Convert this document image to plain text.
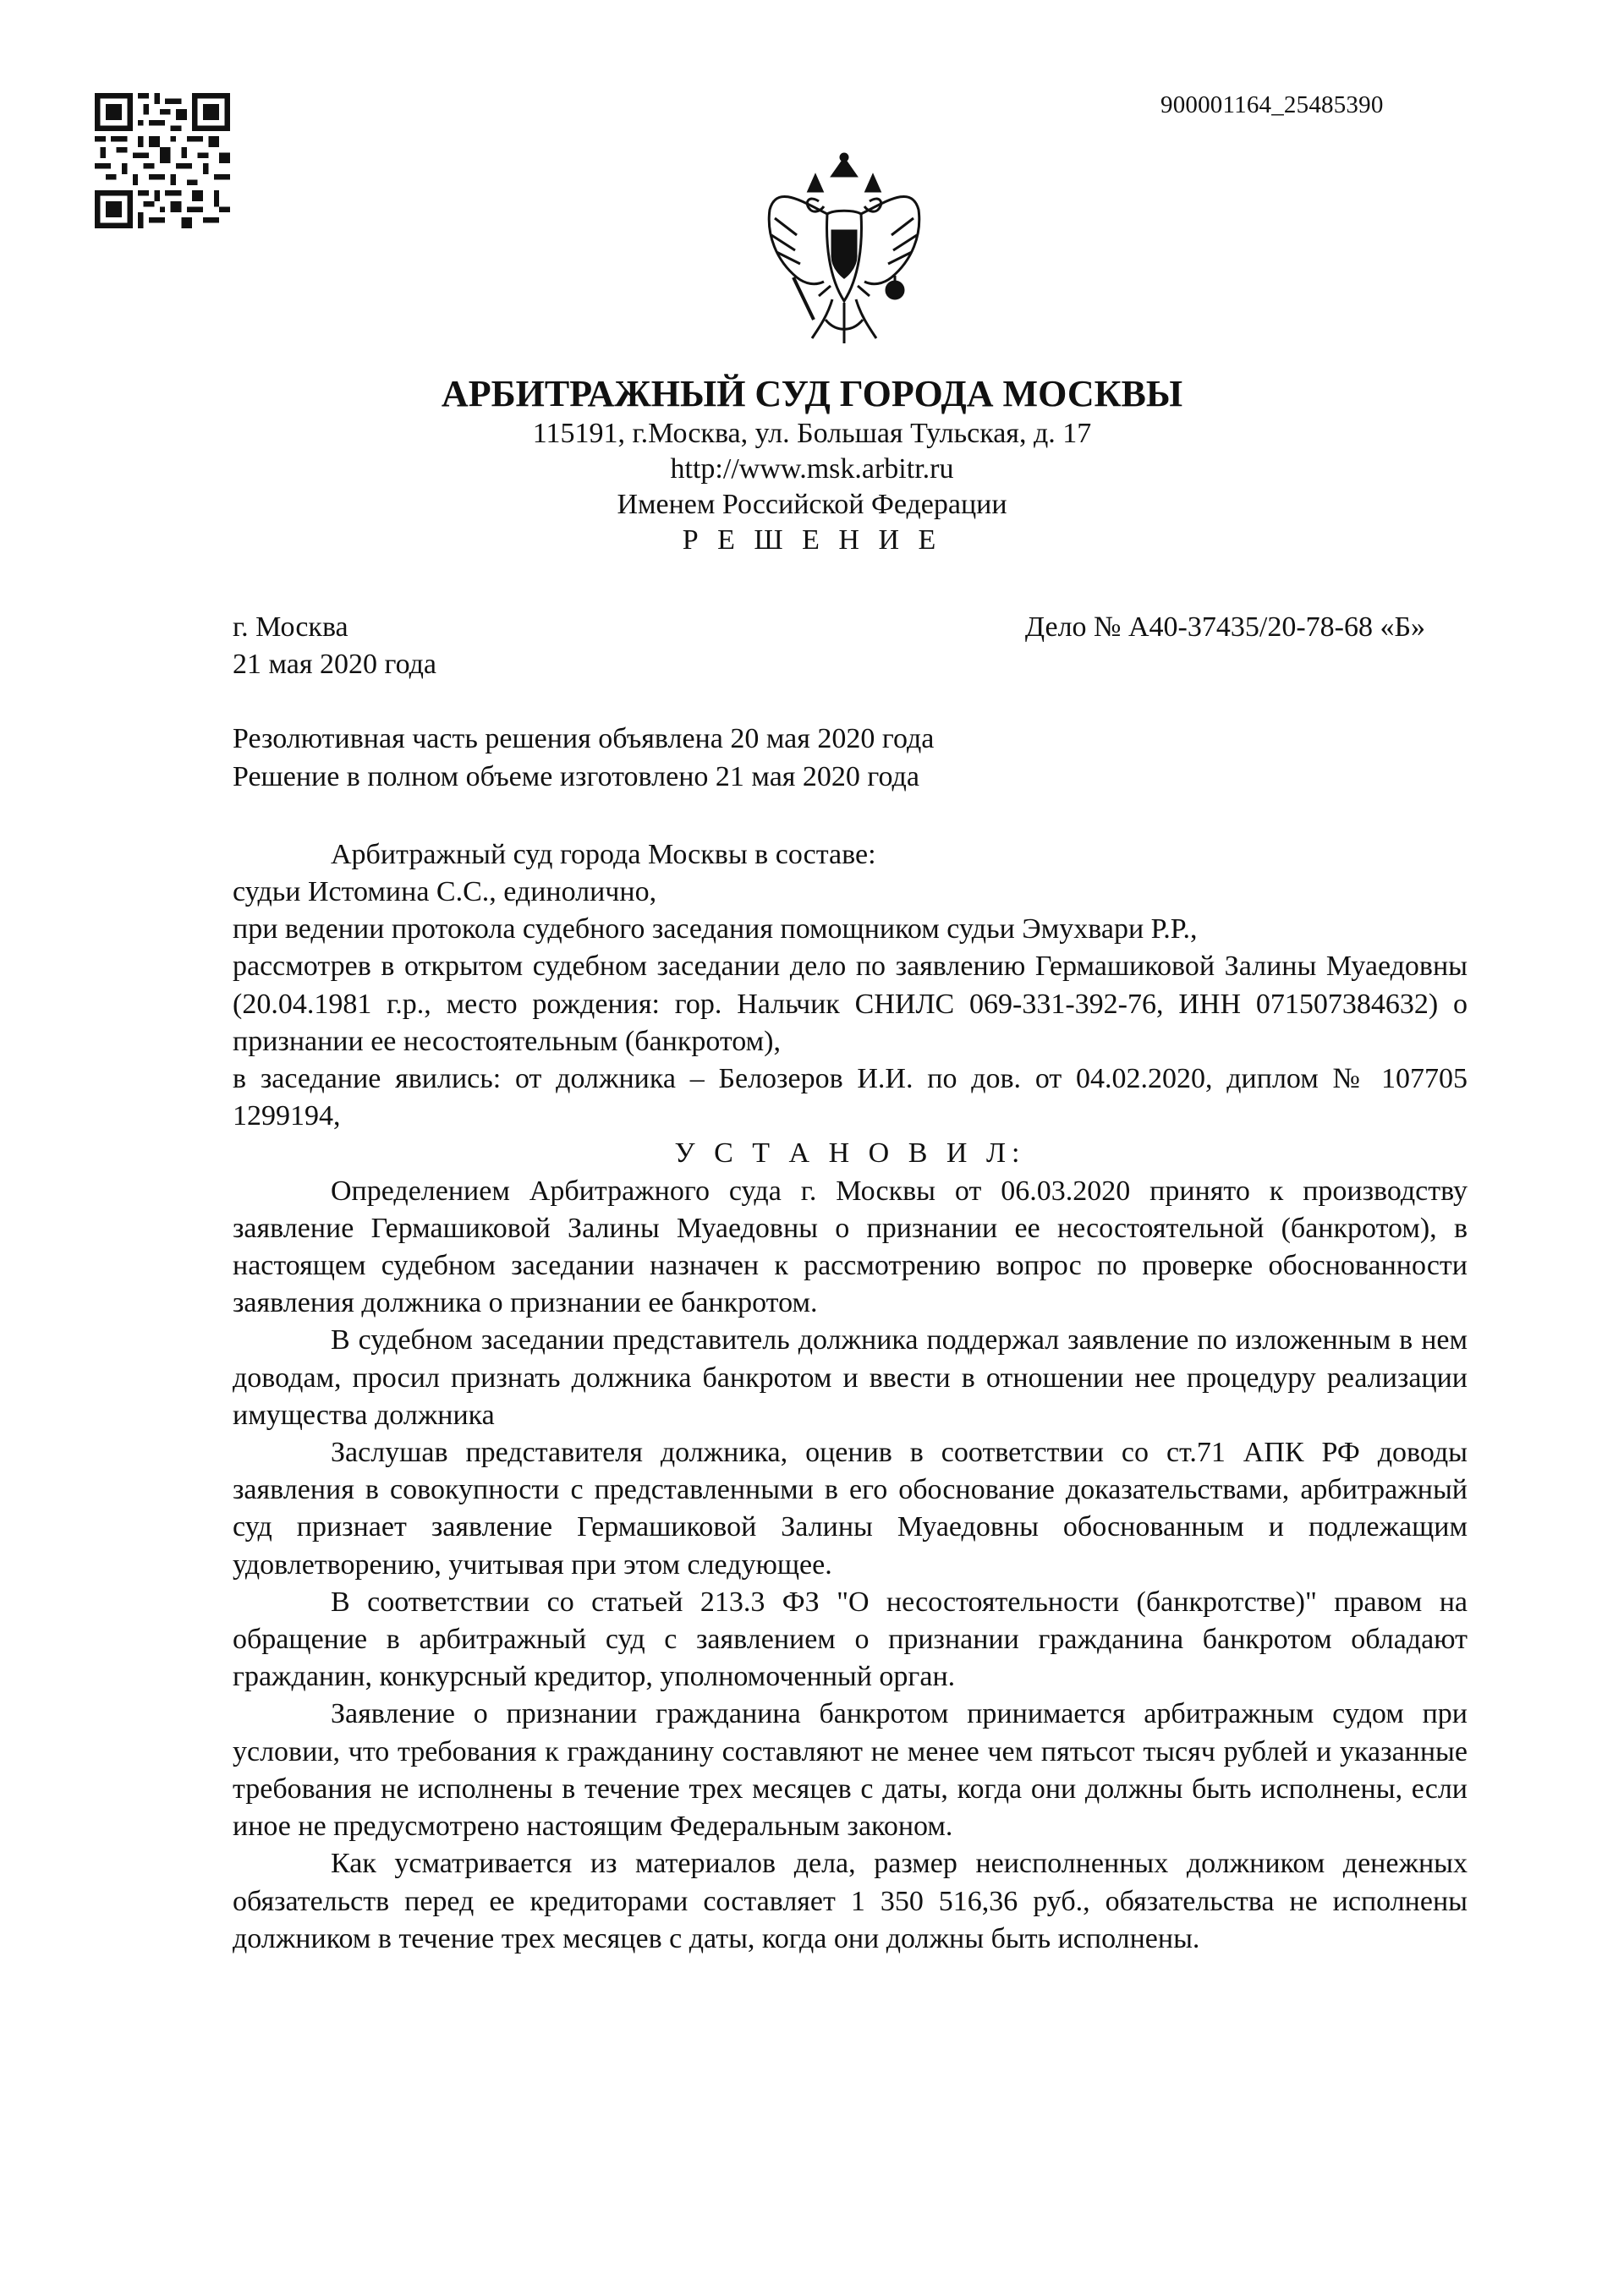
900001164_25485390

АРБИТРАЖНЫЙ СУД ГОРОДА МОСКВЫ

115191, г.Москва, ул. Большая Тульская, д. 17

http://www.msk.arbitr.ru

Именем Российской Федерации

Р Е Ш Е Н И Е

г. Москва	Дело № А40-37435/20-78-68 «Б»

21 мая 2020 года

Резолютивная часть решения объявлена 20 мая 2020 года

Решение в полном объеме изготовлено 21 мая 2020 года

Арбитражный суд города Москвы в составе:

судьи Истомина С.С., единолично,

при ведении протокола судебного заседания помощником судьи Эмухвари Р.Р.,

рассмотрев в открытом судебном заседании дело по заявлению Гермашиковой Залины Муаедовны (20.04.1981 г.р., место рождения: гор. Нальчик СНИЛС 069-331-392-76, ИНН 071507384632) о признании ее несостоятельным (банкротом),

в заседание явились: от должника – Белозеров И.И. по дов. от 04.02.2020, диплом № 107705 1299194,

У С Т А Н О В И Л:

Определением Арбитражного суда г. Москвы от 06.03.2020 принято к производству заявление Гермашиковой Залины Муаедовны о признании ее несостоятельной (банкротом), в настоящем судебном заседании назначен к рассмотрению вопрос по проверке обоснованности заявления должника о признании ее банкротом.

В судебном заседании представитель должника поддержал заявление по изложенным в нем доводам, просил признать должника банкротом и ввести в отношении нее процедуру реализации имущества должника

Заслушав представителя должника, оценив в соответствии со ст.71 АПК РФ доводы заявления в совокупности с представленными в его обоснование доказательствами, арбитражный суд признает заявление Гермашиковой Залины Муаедовны обоснованным и подлежащим удовлетворению, учитывая при этом следующее.

В соответствии со статьей 213.3 ФЗ "О несостоятельности (банкротстве)" правом на обращение в арбитражный суд с заявлением о признании гражданина банкротом обладают гражданин, конкурсный кредитор, уполномоченный орган.

Заявление о признании гражданина банкротом принимается арбитражным судом при условии, что требования к гражданину составляют не менее чем пятьсот тысяч рублей и указанные требования не исполнены в течение трех месяцев с даты, когда они должны быть исполнены, если иное не предусмотрено настоящим Федеральным законом.

Как усматривается из материалов дела, размер неисполненных должником денежных обязательств перед ее кредиторами составляет 1 350 516,36 руб., обязательства не исполнены должником в течение трех месяцев с даты, когда они должны быть исполнены.
